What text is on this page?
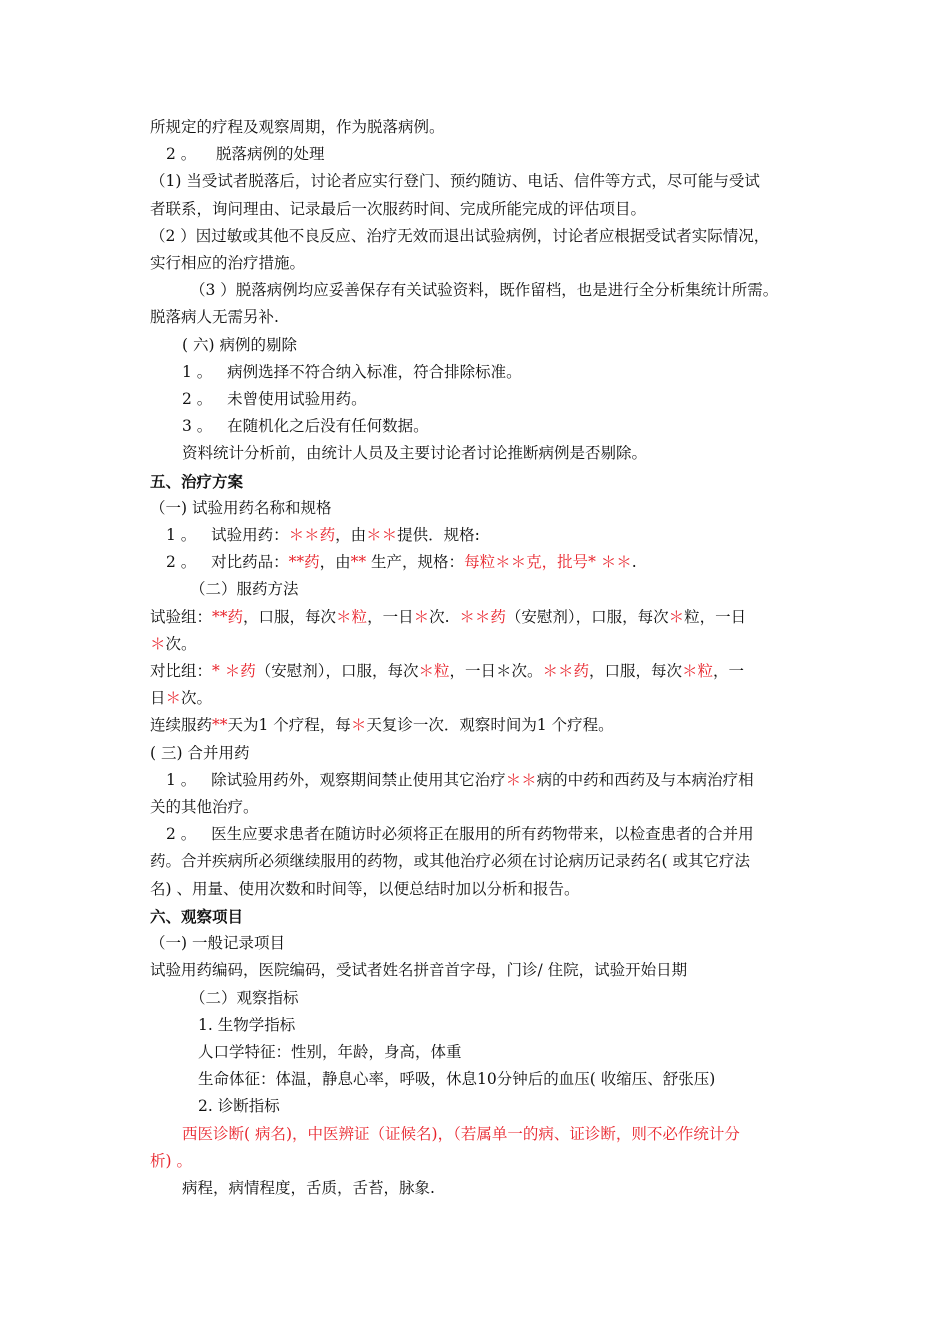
所规定的疗程及观察周期，作为脱落病例。
2 。    脱落病例的处理
（1) 当受试者脱落后，讨论者应实行登门、预约随访、电话、信件等方式，尽可能与受试
者联系，询问理由、记录最后一次服药时间、完成所能完成的评估项目。
（2 ）因过敏或其他不良反应、治疗无效而退出试验病例，讨论者应根据受试者实际情况，
实行相应的治疗措施。
（3 ）脱落病例均应妥善保存有关试验资料，既作留档，也是进行全分析集统计所需。
脱落病人无需另补.
( 六) 病例的剔除
1 。   病例选择不符合纳入标准，符合排除标准。
2 。   未曾使用试验用药。
3 。   在随机化之后没有任何数据。
资料统计分析前，由统计人员及主要讨论者讨论推断病例是否剔除。
五、治疗方案
（一) 试验用药名称和规格
1 。   试验用药：＊＊药，由＊＊提供．规格:
2 。   对比药品：**药，由** 生产，规格：每粒＊＊克，批号* ＊＊.
（二）服药方法
试验组：**药，口服，每次＊粒，一日＊次.  ＊＊药（安慰剂），口服，每次＊粒，一日
＊次。
对比组：* ＊药（安慰剂），口服，每次＊粒，一日＊次。＊＊药，口服，每次＊粒，一
日＊次。
连续服药**天为1 个疗程，每＊天复诊一次．观察时间为1 个疗程。
( 三) 合并用药
1 。   除试验用药外，观察期间禁止使用其它治疗＊＊病的中药和西药及与本病治疗相
关的其他治疗。
2 。   医生应要求患者在随访时必须将正在服用的所有药物带来，以检查患者的合并用
药。合并疾病所必须继续服用的药物，或其他治疗必须在讨论病历记录药名( 或其它疗法
名) 、用量、使用次数和时间等，以便总结时加以分析和报告。
六、观察项目
（一) 一般记录项目
试验用药编码，医院编码，受试者姓名拼音首字母，门诊/ 住院，试验开始日期
（二）观察指标
1. 生物学指标
人口学特征：性别，年龄，身高，体重
生命体征：体温，静息心率，呼吸，休息10分钟后的血压( 收缩压、舒张压)
2. 诊断指标
西医诊断( 病名)，中医辨证（证候名)，（若属单一的病、证诊断，则不必作统计分
析) 。
病程，病情程度，舌质，舌苔，脉象.
